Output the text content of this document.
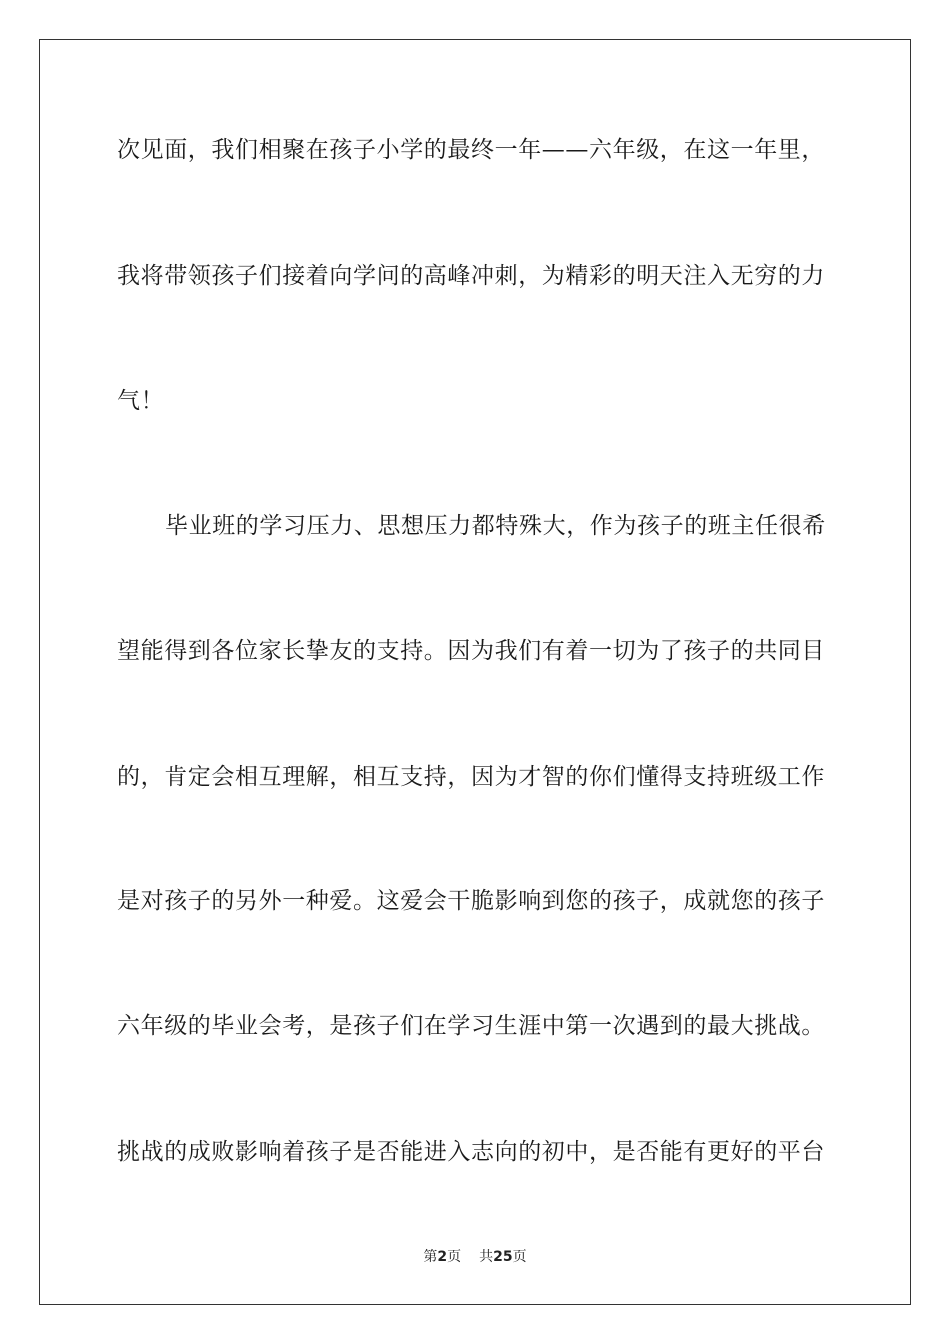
次见面，我们相聚在孩子小学的最终一年——六年级，在这一年里，
我将带领孩子们接着向学问的高峰冲刺，为精彩的明天注入无穷的力
气！
毕业班的学习压力、思想压力都特殊大，作为孩子的班主任很希
望能得到各位家长挚友的支持。因为我们有着一切为了孩子的共同目
的，肯定会相互理解，相互支持，因为才智的你们懂得支持班级工作
是对孩子的另外一种爱。这爱会干脆影响到您的孩子，成就您的孩子
六年级的毕业会考，是孩子们在学习生涯中第一次遇到的最大挑战。
挑战的成败影响着孩子是否能进入志向的初中，是否能有更好的平台
第2页 共25页
